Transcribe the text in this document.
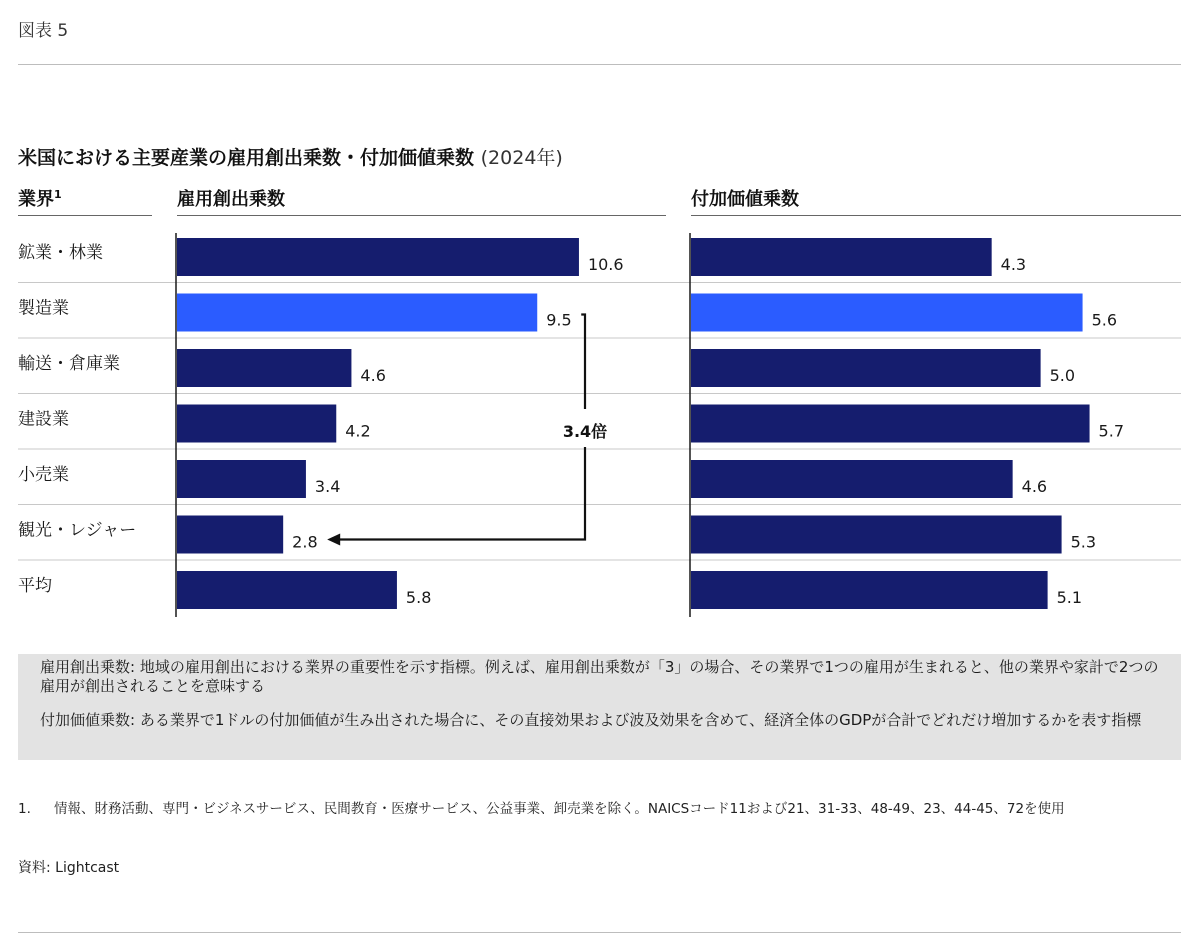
図表 5
米国における主要産業の雇用創出乗数・付加価値乗数 (2024年)
業界$^1$	雇用創出乗数	付加価値乗数
鉱業・林業
製造業
輸送・倉庫業
建設業
小売業
観光・レジャー
平均
10.6
9.5
4.6
4.2
3.4
2.8
5.8
4.3
5.6
5.0
5.7
4.6
5.3
5.1
3.4倍
雇用創出乗数: 地域の雇用創出における業界の重要性を示す指標。例えば、雇用創出乗数が「3」の場合、その業界で1つの雇用が生まれると、他の業界や家計で2つの雇用が創出されることを意味する
付加価値乗数: ある業界で1ドルの付加価値が生み出された場合に、その直接効果および波及効果を含めて、経済全体のGDPが合計でどれだけ増加するかを表す指標
1. 情報、財務活動、専門・ビジネスサービス、民間教育・医療サービス、公益事業、卸売業を除く。NAICSコード11および21、31-33、48-49、23、44-45、72を使用
資料: Lightcast
